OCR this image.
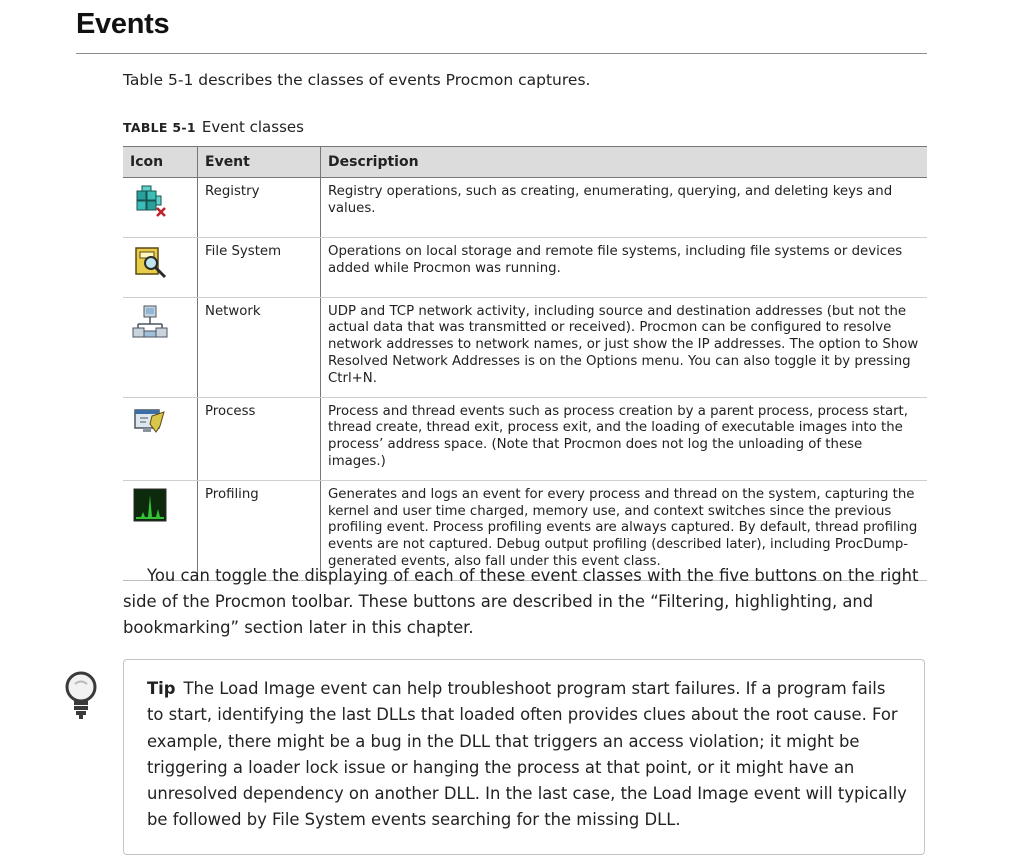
Events
Table 5-1 describes the classes of events Procmon captures.
TABLE 5-1 Event classes
Icon	Event	Description
	Registry	Registry operations, such as creating, enumerating, querying, and deleting keys and values.
	File System	Operations on local storage and remote file systems, including file systems or devices added while Procmon was running.
	Network	UDP and TCP network activity, including source and destination addresses (but not the actual data that was transmitted or received). Procmon can be configured to resolve network addresses to network names, or just show the IP addresses. The option to Show Resolved Network Addresses is on the Options menu. You can also toggle it by pressing Ctrl+N.
	Process	Process and thread events such as process creation by a parent process, process start, thread create, thread exit, process exit, and the loading of executable images into the process’ address space. (Note that Procmon does not log the unloading of these images.)
	Profiling	Generates and logs an event for every process and thread on the system, capturing the kernel and user time charged, memory use, and context switches since the previous profiling event. Process profiling events are always captured. By default, thread profiling events are not captured. Debug output profiling (described later), including ProcDump-generated events, also fall under this event class.
You can toggle the displaying of each of these event classes with the five buttons on the right side of the Procmon toolbar. These buttons are described in the “Filtering, highlighting, and bookmarking” section later in this chapter.
Tip The Load Image event can help troubleshoot program start failures. If a program fails to start, identifying the last DLLs that loaded often provides clues about the root cause. For example, there might be a bug in the DLL that triggers an access violation; it might be triggering a loader lock issue or hanging the process at that point, or it might have an unresolved dependency on another DLL. In the last case, the Load Image event will typically be followed by File System events searching for the missing DLL.
